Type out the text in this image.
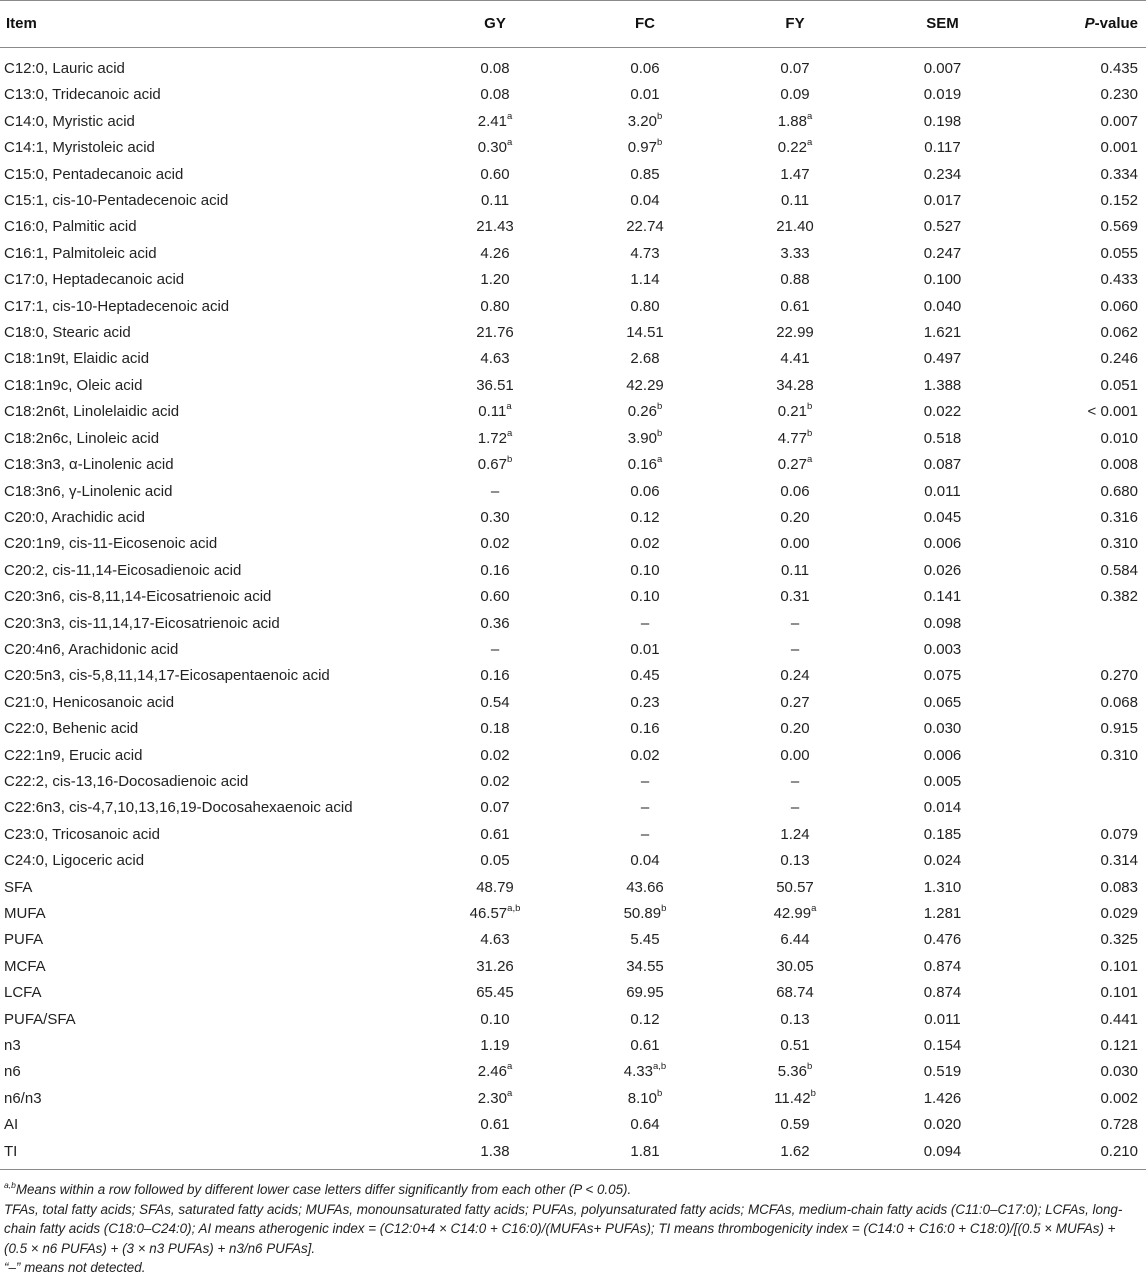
Item	GY	FC	FY	SEM	P-value
C12:0, Lauric acid	0.08	0.06	0.07	0.007	0.435
C13:0, Tridecanoic acid	0.08	0.01	0.09	0.019	0.230
C14:0, Myristic acid	2.41$^a$	3.20$^b$	1.88$^a$	0.198	0.007
C14:1, Myristoleic acid	0.30$^a$	0.97$^b$	0.22$^a$	0.117	0.001
C15:0, Pentadecanoic acid	0.60	0.85	1.47	0.234	0.334
C15:1, cis-10-Pentadecenoic acid	0.11	0.04	0.11	0.017	0.152
C16:0, Palmitic acid	21.43	22.74	21.40	0.527	0.569
C16:1, Palmitoleic acid	4.26	4.73	3.33	0.247	0.055
C17:0, Heptadecanoic acid	1.20	1.14	0.88	0.100	0.433
C17:1, cis-10-Heptadecenoic acid	0.80	0.80	0.61	0.040	0.060
C18:0, Stearic acid	21.76	14.51	22.99	1.621	0.062
C18:1n9t, Elaidic acid	4.63	2.68	4.41	0.497	0.246
C18:1n9c, Oleic acid	36.51	42.29	34.28	1.388	0.051
C18:2n6t, Linolelaidic acid	0.11$^a$	0.26$^b$	0.21$^b$	0.022	< 0.001
C18:2n6c, Linoleic acid	1.72$^a$	3.90$^b$	4.77$^b$	0.518	0.010
C18:3n3, α-Linolenic acid	0.67$^b$	0.16$^a$	0.27$^a$	0.087	0.008
C18:3n6, γ-Linolenic acid	–	0.06	0.06	0.011	0.680
C20:0, Arachidic acid	0.30	0.12	0.20	0.045	0.316
C20:1n9, cis-11-Eicosenoic acid	0.02	0.02	0.00	0.006	0.310
C20:2, cis-11,14-Eicosadienoic acid	0.16	0.10	0.11	0.026	0.584
C20:3n6, cis-8,11,14-Eicosatrienoic acid	0.60	0.10	0.31	0.141	0.382
C20:3n3, cis-11,14,17-Eicosatrienoic acid	0.36	–	–	0.098	
C20:4n6, Arachidonic acid	–	0.01	–	0.003	
C20:5n3, cis-5,8,11,14,17-Eicosapentaenoic acid	0.16	0.45	0.24	0.075	0.270
C21:0, Henicosanoic acid	0.54	0.23	0.27	0.065	0.068
C22:0, Behenic acid	0.18	0.16	0.20	0.030	0.915
C22:1n9, Erucic acid	0.02	0.02	0.00	0.006	0.310
C22:2, cis-13,16-Docosadienoic acid	0.02	–	–	0.005	
C22:6n3, cis-4,7,10,13,16,19-Docosahexaenoic acid	0.07	–	–	0.014	
C23:0, Tricosanoic acid	0.61	–	1.24	0.185	0.079
C24:0, Ligoceric acid	0.05	0.04	0.13	0.024	0.314
SFA	48.79	43.66	50.57	1.310	0.083
MUFA	46.57$^{a,b}$	50.89$^b$	42.99$^a$	1.281	0.029
PUFA	4.63	5.45	6.44	0.476	0.325
MCFA	31.26	34.55	30.05	0.874	0.101
LCFA	65.45	69.95	68.74	0.874	0.101
PUFA/SFA	0.10	0.12	0.13	0.011	0.441
n3	1.19	0.61	0.51	0.154	0.121
n6	2.46$^a$	4.33$^{a,b}$	5.36$^b$	0.519	0.030
n6/n3	2.30$^a$	8.10$^b$	11.42$^b$	1.426	0.002
AI	0.61	0.64	0.59	0.020	0.728
TI	1.38	1.81	1.62	0.094	0.210

$^{a,b}$Means within a row followed by different lower case letters differ significantly from each other (P < 0.05).

TFAs, total fatty acids; SFAs, saturated fatty acids; MUFAs, monounsaturated fatty acids; PUFAs, polyunsaturated fatty acids; MCFAs, medium-chain fatty acids (C11:0–C17:0); LCFAs, long-chain fatty acids (C18:0–C24:0); AI means atherogenic index = (C12:0+4 × C14:0 + C16:0)/(MUFAs+ PUFAs); TI means thrombogenicity index = (C14:0 + C16:0 + C18:0)/[(0.5 × MUFAs) + (0.5 × n6 PUFAs) + (3 × n3 PUFAs) + n3/n6 PUFAs].

“–” means not detected.
